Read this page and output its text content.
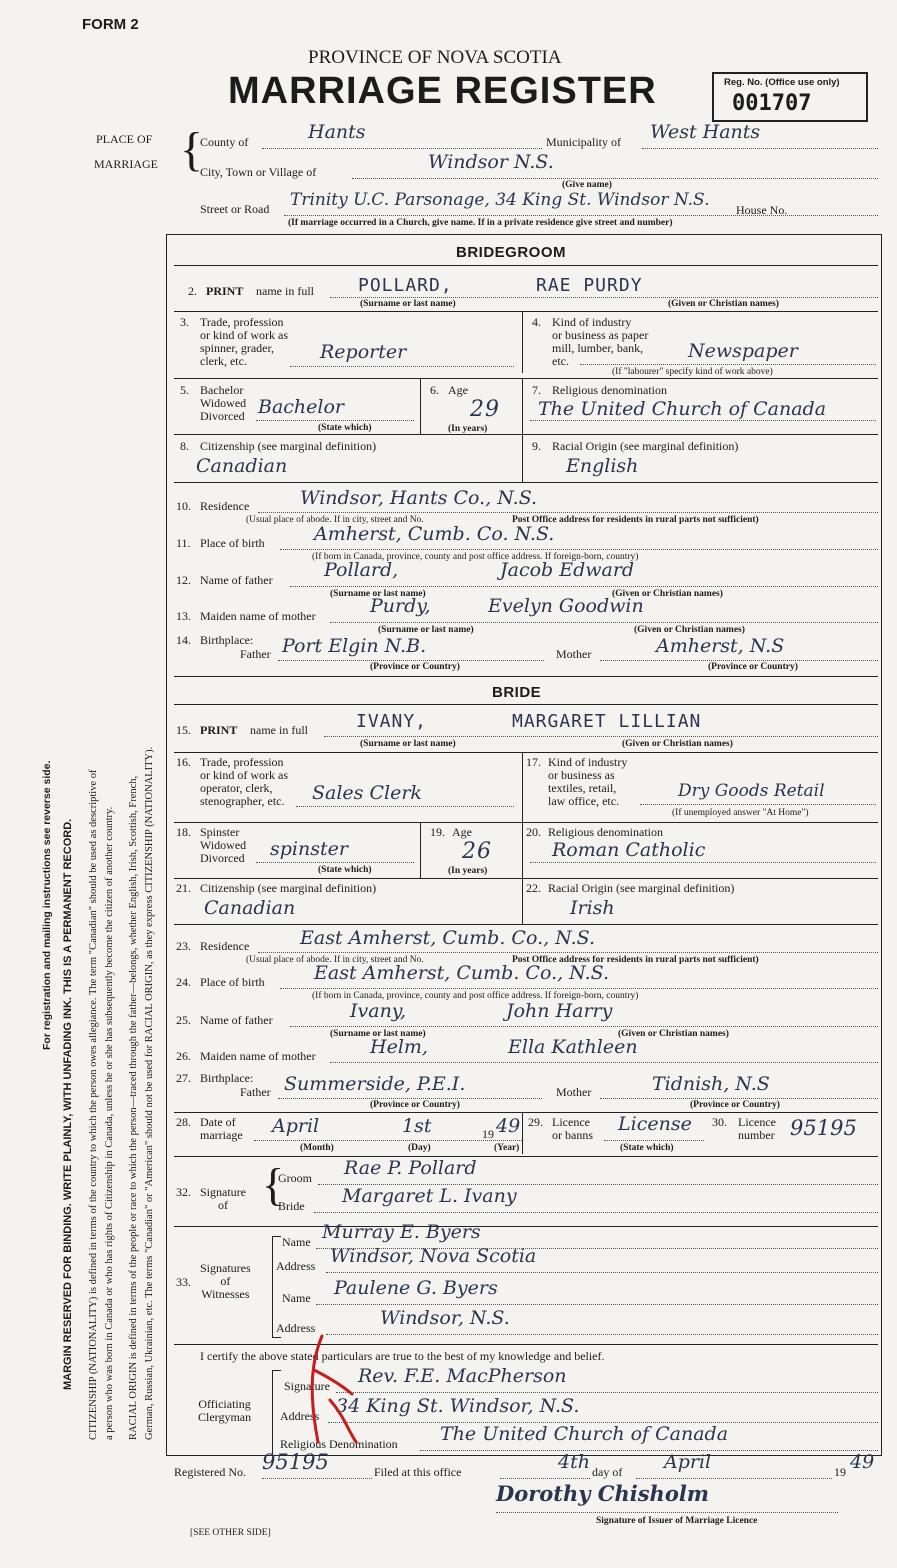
FORM 2
PROVINCE OF NOVA SCOTIA
MARRIAGE REGISTER	Reg. No. (Office use only)
001707
PLACE OF
MARRIAGE {
County of	Hants	Municipality of West Hants
City, Town or Village of	Windsor N.S.
(Give name)
Street or Road Trinity U.C. Parsonage, 34 King St. Windsor N.S. House No.
(If marriage occurred in a Church, give name. If in a private residence give street and number)
BRIDEGROOM
2. PRINT name in full POLLARD,	RAE PURDY
(Surname or last name)	(Given or Christian names)
3. Trade, profession
or kind of work as
spinner, grader,
clerk, etc.	Reporter
4. Kind of industry
or business as paper
mill, lumber, bank,
etc.	Newspaper
(If "labourer" specify kind of work above)
5. Bachelor
Widowed
Divorced Bachelor
(State which)
6. Age
29
(In years)
7. Religious denomination
The United Church of Canada
8. Citizenship (see marginal definition)
Canadian
9. Racial Origin (see marginal definition)
English
10. Residence	Windsor, Hants Co., N.S.
(Usual place of abode. If in city, street and No.	Post Office address for residents in rural parts not sufficient)
11. Place of birth	Amherst, Cumb. Co. N.S.
(If born in Canada, province, county and post office address. If foreign-born, country)
12. Name of father	Pollard,	Jacob Edward
(Surname or last name)	(Given or Christian names)
13. Maiden name of mother	Purdy,	Evelyn Goodwin
(Surname or last name)	(Given or Christian names)
14. Birthplace:
Father Port Elgin N.B.	Mother	Amherst, N.S
(Province or Country)	(Province or Country)
BRIDE
15. PRINT name in full	IVANY,	MARGARET LILLIAN
(Surname or last name)	(Given or Christian names)
16. Trade, profession
or kind of work as
operator, clerk,
stenographer, etc. Sales Clerk
17. Kind of industry
or business as
textiles, retail,
law office, etc.	Dry Goods Retail
(If unemployed answer "At Home")
18. Spinster
Widowed
Divorced spinster
(State which)
19. Age
26
(In years)
20. Religious denomination
Roman Catholic
21. Citizenship (see marginal definition)
Canadian
22. Racial Origin (see marginal definition)
Irish
23. Residence	East Amherst, Cumb. Co., N.S.
(Usual place of abode. If in city, street and No.	Post Office address for residents in rural parts not sufficient)
24. Place of birth	East Amherst, Cumb. Co., N.S.
(If born in Canada, province, county and post office address. If foreign-born, country)
25. Name of father	Ivany,	John Harry
(Surname or last name)	(Given or Christian names)
26. Maiden name of mother	Helm,	Ella Kathleen
27. Birthplace:
Father Summerside, P.E.I.	Mother	Tidnish, N.S
(Province or Country)	(Province or Country)
28. Date of
marriage April	1st	19 49
(Month)	(Day)	(Year)
29. Licence
or banns License
(State which)
30. Licence
number 95195
32. Signature
of {
Groom Rae P. Pollard
Bride Margaret L. Ivany
33.
Signatures
of
Witnesses
Name Murray E. Byers
Address Windsor, Nova Scotia
Name Paulene G. Byers
Address	Windsor, N.S.
I certify the above stated particulars are true to the best of my knowledge and belief.
Officiating
Clergyman
Signature Rev. F.E. MacPherson
Address 34 King St. Windsor, N.S.
Religious Denomination The United Church of Canada
Registered No. 95195	Filed at this office	4th day of April	19 49
Dorothy Chisholm
Signature of Issuer of Marriage Licence
[SEE OTHER SIDE]
For registration and mailing instructions see reverse side. MARGIN RESERVED FOR BINDING. WRITE PLAINLY, WITH UNFADING INK. THIS IS A PERMANENT RECORD. CITIZENSHIP (NATIONALITY) is defined in terms of the country to which the person owes allegiance. The term "Canadian" should be used as descriptive of a person who was born in Canada or who has rights of Citizenship in Canada, unless he or she has subsequently become the citizen of another country. RACIAL ORIGIN is defined in terms of the people or race to which the person—traced through the father—belongs, whether English, Irish, Scottish, French, German, Russian, Ukrainian, etc. The terms "Canadian" or "American" should not be used for RACIAL ORIGIN, as they express CITIZENSHIP (NATIONALITY).
